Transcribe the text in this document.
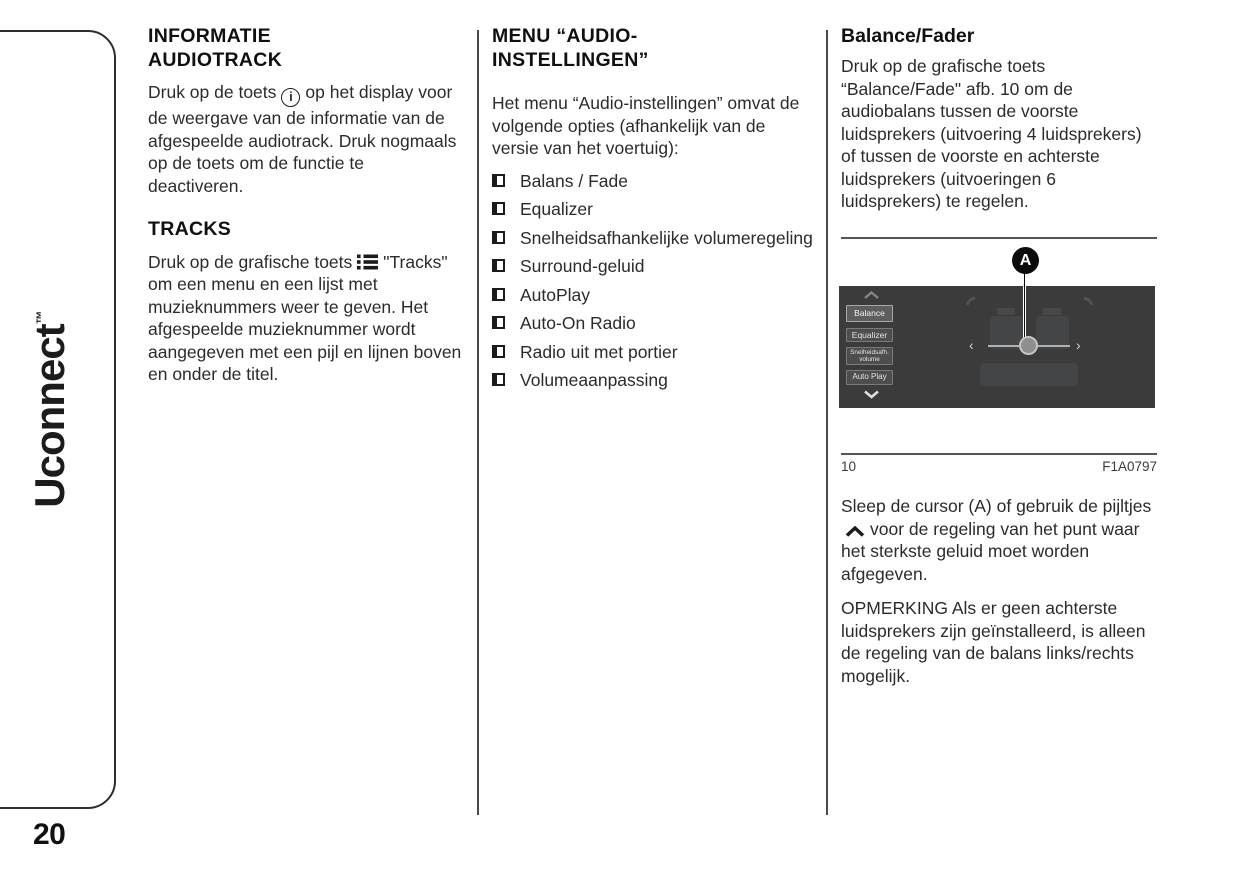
Uconnect™
20
INFORMATIE
AUDIOTRACK

Druk op de toets i op het display voor de weergave van de informatie van de afgespeelde audiotrack. Druk nogmaals op de toets om de functie te deactiveren.

TRACKS

Druk op de grafische toets "Tracks" om een menu en een lijst met muzieknummers weer te geven. Het afgespeelde muzieknummer wordt aangegeven met een pijl en lijnen boven en onder de titel.

MENU “AUDIO-
INSTELLINGEN”

Het menu “Audio-instellingen” omvat de volgende opties (afhankelijk van de versie van het voertuig):

Balans / Fade
Equalizer
Snelheidsafhankelijke volumeregeling
Surround-geluid
AutoPlay
Auto-On Radio
Radio uit met portier
Volumeaanpassing
Balance/Fader

Druk op de grafische toets “Balance/Fade" afb. 10 om de audiobalans tussen de voorste luidsprekers (uitvoering 4 luidsprekers) of tussen de voorste en achterste luidsprekers (uitvoeringen 6 luidsprekers) te regelen.

A
Balance
Equalizer
Snelheidsafh. volume
Auto Play
‹	›
10	F1A0797

Sleep de cursor (A) of gebruik de pijltjesvoor de regeling van het punt waar het sterkste geluid moet worden afgegeven.

OPMERKING Als er geen achterste luidsprekers zijn geïnstalleerd, is alleen de regeling van de balans links/rechts mogelijk.
